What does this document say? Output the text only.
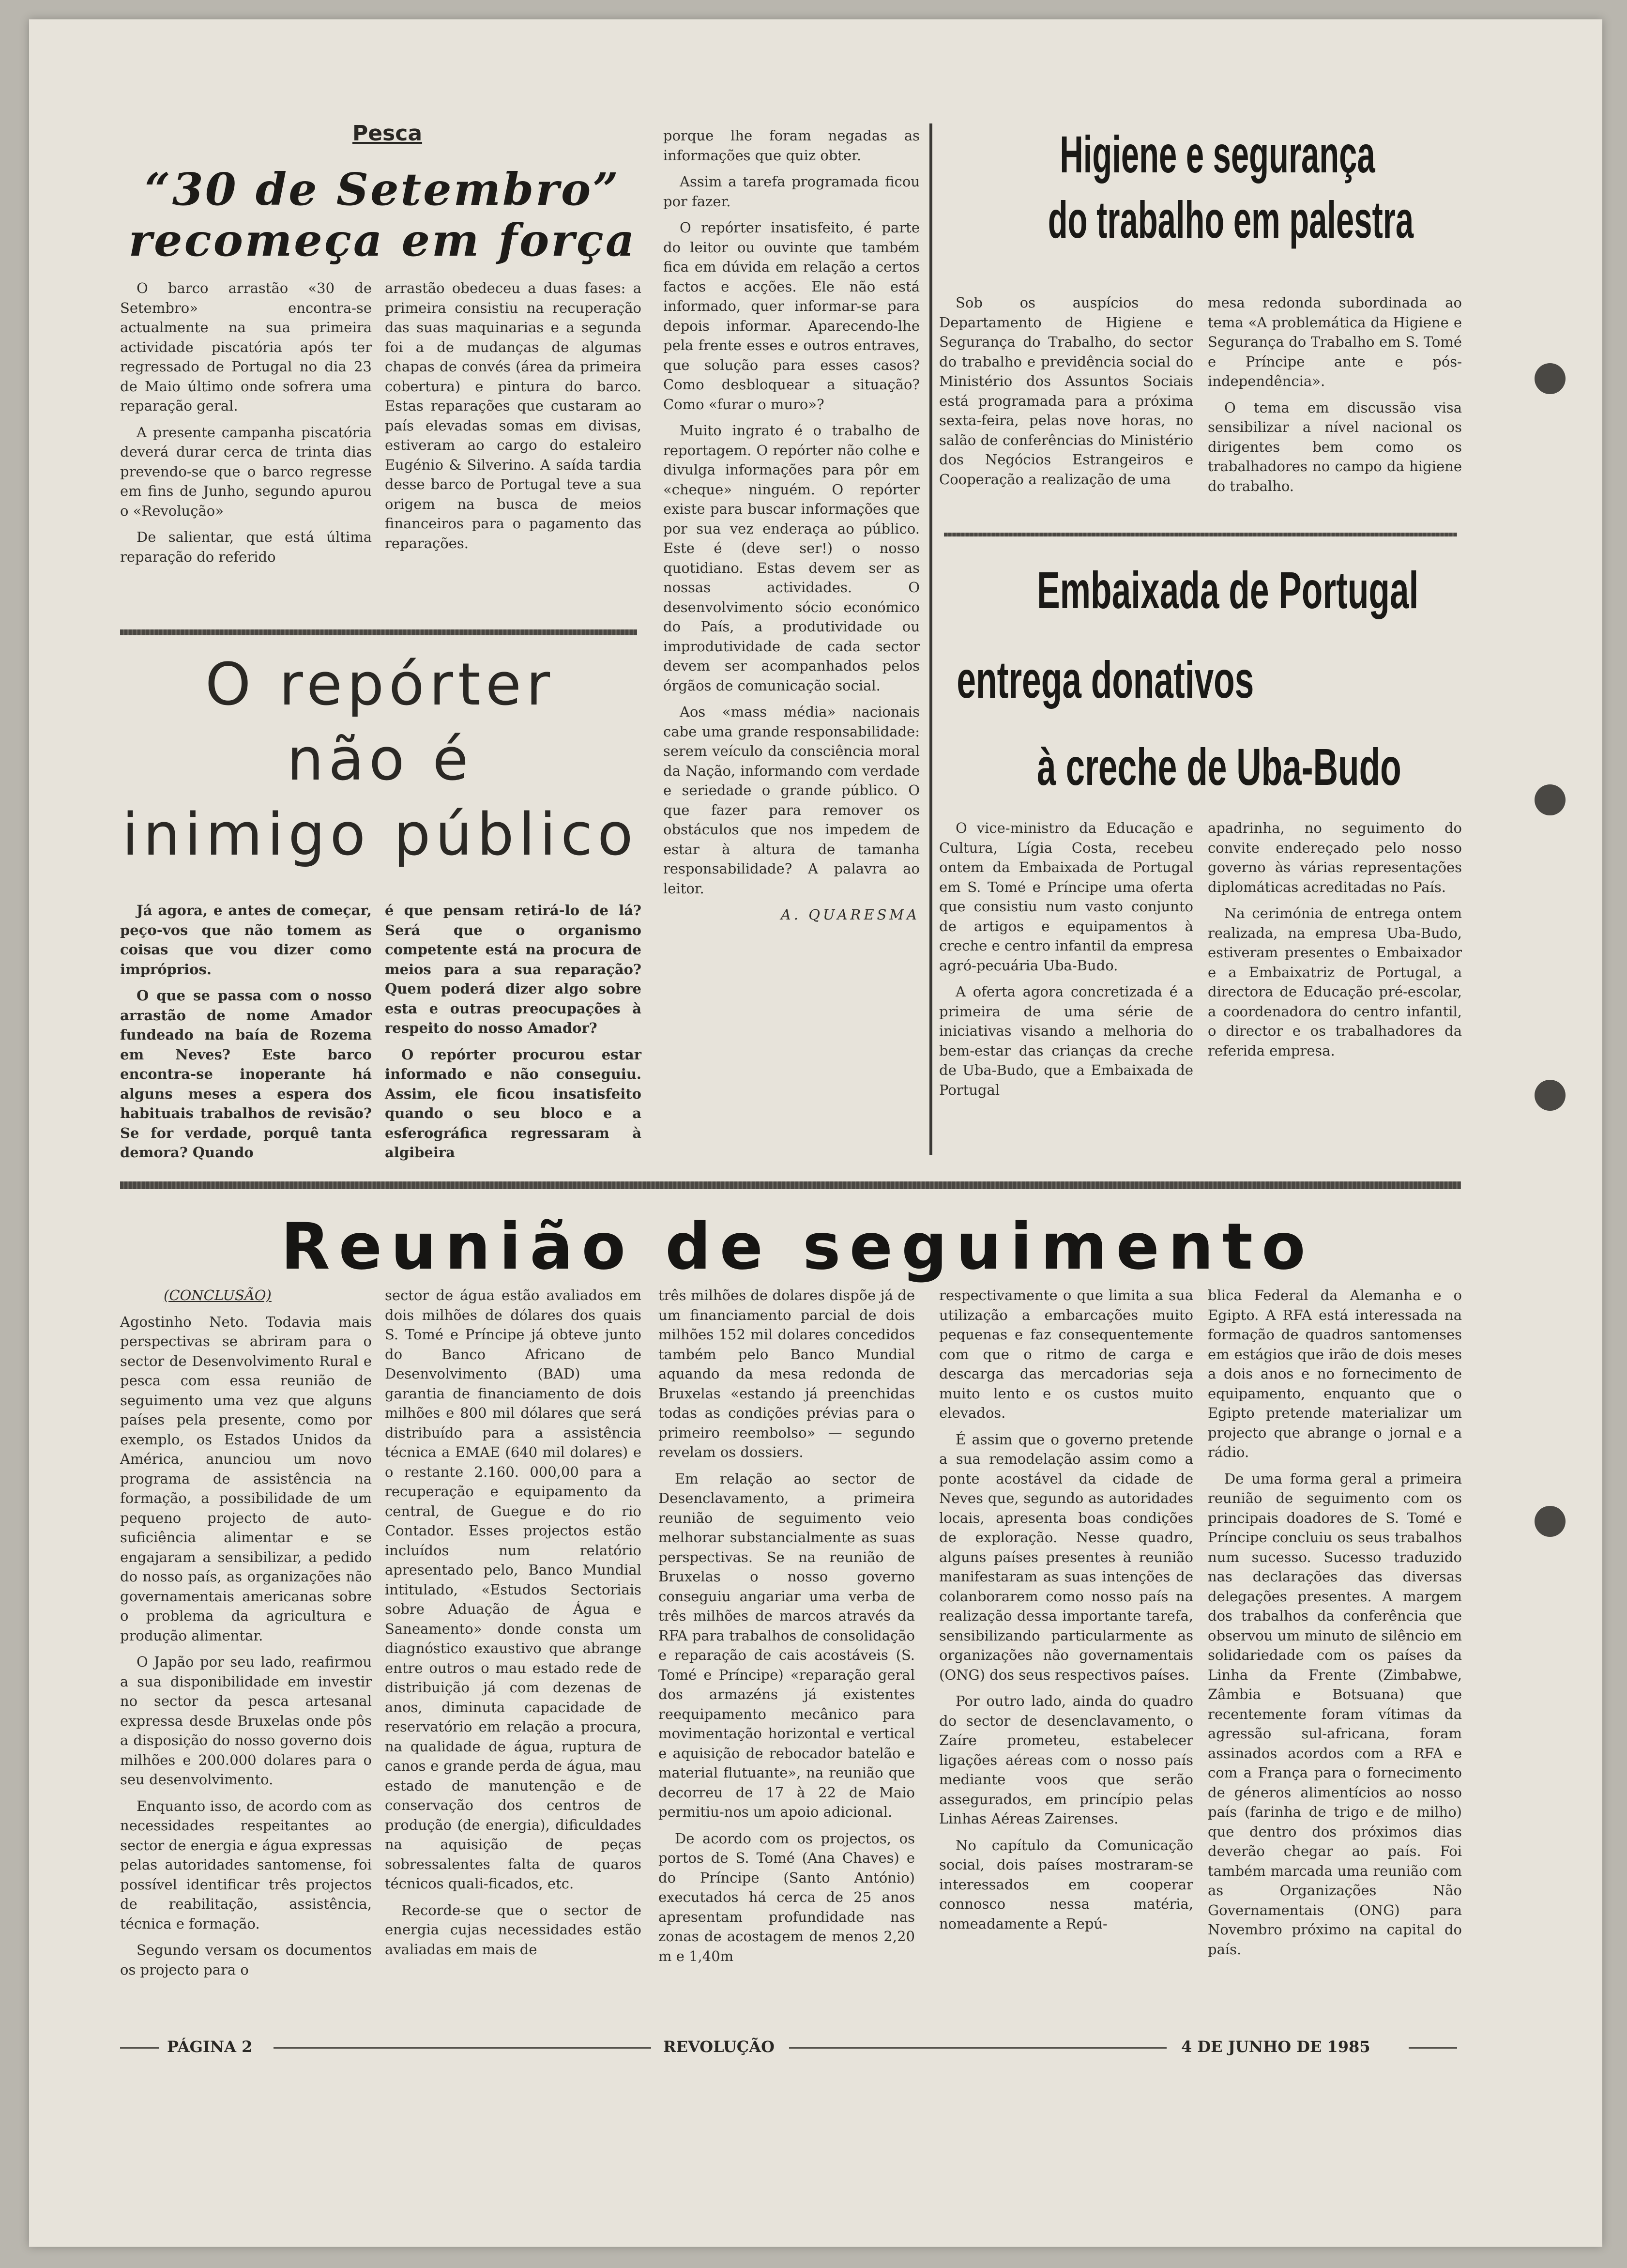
Pesca
“30 de Setembro”
recomeça em força

O barco arrastão «30 de Setembro» encontra-se actualmente na sua primeira actividade piscatória após ter regressado de Portugal no dia 23 de Maio último onde sofrera uma reparação geral.

A presente campanha piscatória deverá durar cerca de trinta dias prevendo-se que o barco regresse em fins de Junho, segundo apurou o «Revolução»

De salientar, que está última reparação do referido

arrastão obedeceu a duas fases: a primeira consistiu na recuperação das suas maquinarias e a segunda foi a de mudanças de algumas chapas de convés (área da primeira cobertura) e pintura do barco. Estas reparações que custaram ao país elevadas somas em divisas, estiveram ao cargo do estaleiro Eugénio & Silverino. A saída tardia desse barco de Portugal teve a sua origem na busca de meios financeiros para o pagamento das reparações.

O repórter
não é
inimigo público

Já agora, e antes de começar, peço-vos que não tomem as coisas que vou dizer como impróprios.

O que se passa com o nosso arrastão de nome Amador fundeado na baía de Rozema em Neves? Este barco encontra-se inoperante há alguns meses a espera dos habituais trabalhos de revisão? Se for verdade, porquê tanta demora? Quando

é que pensam retirá-lo de lá? Será que o organismo competente está na procura de meios para a sua reparação? Quem poderá dizer algo sobre esta e outras preocupações à respeito do nosso Amador?

O repórter procurou estar informado e não conseguiu. Assim, ele ficou insatisfeito quando o seu bloco e a esferográfica regressaram à algibeira

porque lhe foram negadas as informações que quiz obter.

Assim a tarefa programada ficou por fazer.

O repórter insatisfeito, é parte do leitor ou ouvinte que também fica em dúvida em relação a certos factos e acções. Ele não está informado, quer informar-se para depois informar. Aparecendo-lhe pela frente esses e outros entraves, que solução para esses casos? Como desbloquear a situação? Como «furar o muro»?

Muito ingrato é o trabalho de reportagem. O repórter não colhe e divulga informações para pôr em «cheque» ninguém. O repórter existe para buscar informações que por sua vez enderaça ao público. Este é (deve ser!) o nosso quotidiano. Estas devem ser as nossas actividades. O desenvolvimento sócio económico do País, a produtividade ou improdutividade de cada sector devem ser acompanhados pelos órgãos de comunicação social.

Aos «mass média» nacionais cabe uma grande responsabilidade: serem veículo da consciência moral da Nação, informando com verdade e seriedade o grande público. O que fazer para remover os obstáculos que nos impedem de estar à altura de tamanha responsabilidade? A palavra ao leitor.

A. QUARESMA

Higiene e segurança
do trabalho em palestra

Sob os auspícios do Departamento de Higiene e Segurança do Trabalho, do sector do trabalho e previdência social do Ministério dos Assuntos Sociais está programada para a próxima sexta-feira, pelas nove horas, no salão de conferências do Ministério dos Negócios Estrangeiros e Cooperação a realização de uma

mesa redonda subordinada ao tema «A problemática da Higiene e Segurança do Trabalho em S. Tomé e Príncipe ante e pós-independência».

O tema em discussão visa sensibilizar a nível nacional os dirigentes bem como os trabalhadores no campo da higiene do trabalho.

Embaixada de Portugal
entrega donativos
à creche de Uba-Budo

O vice-ministro da Educação e Cultura, Lígia Costa, recebeu ontem da Embaixada de Portugal em S. Tomé e Príncipe uma oferta que consistiu num vasto conjunto de artigos e equipamentos à creche e centro infantil da empresa agró-pecuária Uba-Budo.

A oferta agora concretizada é a primeira de uma série de iniciativas visando a melhoria do bem-estar das crianças da creche de Uba-Budo, que a Embaixada de Portugal

apadrinha, no seguimento do convite endereçado pelo nosso governo às várias representações diplomáticas acreditadas no País.

Na cerimónia de entrega ontem realizada, na empresa Uba-Budo, estiveram presentes o Embaixador e a Embaixatriz de Portugal, a directora de Educação pré-escolar, a coordenadora do centro infantil, o director e os trabalhadores da referida empresa.

Reunião de seguimento

(CONCLUSÃO)

Agostinho Neto. Todavia mais perspectivas se abriram para o sector de Desenvolvimento Rural e pesca com essa reunião de seguimento uma vez que alguns países pela presente, como por exemplo, os Estados Unidos da América, anunciou um novo programa de assistência na formação, a possibilidade de um pequeno projecto de auto-suficiência alimentar e se engajaram a sensibilizar, a pedido do nosso país, as organizações não governamentais americanas sobre o problema da agricultura e produção alimentar.

O Japão por seu lado, reafirmou a sua disponibilidade em investir no sector da pesca artesanal expressa desde Bruxelas onde pôs a disposição do nosso governo dois milhões e 200.000 dolares para o seu desenvolvimento.

Enquanto isso, de acordo com as necessidades respeitantes ao sector de energia e água expressas pelas autoridades santomense, foi possível identificar três projectos de reabilitação, assistência, técnica e formação.

Segundo versam os documentos os projecto para o

sector de água estão avaliados em dois milhões de dólares dos quais S. Tomé e Príncipe já obteve junto do Banco Africano de Desenvolvimento (BAD) uma garantia de financiamento de dois milhões e 800 mil dólares que será distribuído para a assistência técnica a EMAE (640 mil dolares) e o restante 2.160. 000,00 para a recuperação e equipamento da central, de Guegue e do rio Contador. Esses projectos estão incluídos num relatório apresentado pelo, Banco Mundial intitulado, «Estudos Sectoriais sobre Aduação de Água e Saneamento» donde consta um diagnóstico exaustivo que abrange entre outros o mau estado rede de distribuição já com dezenas de anos, diminuta capacidade de reservatório em relação a procura, na qualidade de água, ruptura de canos e grande perda de água, mau estado de manutenção e de conservação dos centros de produção (de energia), dificuldades na aquisição de peças sobressalentes falta de quaros técnicos quali-ficados, etc.

Recorde-se que o sector de energia cujas necessidades estão avaliadas em mais de

três milhões de dolares dispõe já de um financiamento parcial de dois milhões 152 mil dolares concedidos também pelo Banco Mundial aquando da mesa redonda de Bruxelas «estando já preenchidas todas as condições prévias para o primeiro reembolso» — segundo revelam os dossiers.

Em relação ao sector de Desenclavamento, a primeira reunião de seguimento veio melhorar substancialmente as suas perspectivas. Se na reunião de Bruxelas o nosso governo conseguiu angariar uma verba de três milhões de marcos através da RFA para trabalhos de consolidação e reparação de cais acostáveis (S. Tomé e Príncipe) «reparação geral dos armazéns já existentes reequipamento mecânico para movimentação horizontal e vertical e aquisição de rebocador batelão e material flutuante», na reunião que decorreu de 17 à 22 de Maio permitiu-nos um apoio adicional.

De acordo com os projectos, os portos de S. Tomé (Ana Chaves) e do Príncipe (Santo António) executados há cerca de 25 anos apresentam profundidade nas zonas de acostagem de menos 2,20 m e 1,40m

respectivamente o que limita a sua utilização a embarcações muito pequenas e faz consequentemente com que o ritmo de carga e descarga das mercadorias seja muito lento e os custos muito elevados.

É assim que o governo pretende a sua remodelação assim como a ponte acostável da cidade de Neves que, segundo as autoridades locais, apresenta boas condições de exploração. Nesse quadro, alguns países presentes à reunião manifestaram as suas intenções de colanborarem como nosso país na realização dessa importante tarefa, sensibilizando particularmente as organizações não governamentais (ONG) dos seus respectivos países.

Por outro lado, ainda do quadro do sector de desenclavamento, o Zaíre prometeu, estabelecer ligações aéreas com o nosso país mediante voos que serão assegurados, em princípio pelas Linhas Aéreas Zairenses.

No capítulo da Comunicação social, dois países mostraram-se interessados em cooperar connosco nessa matéria, nomeadamente a Repú-

blica Federal da Alemanha e o Egipto. A RFA está interessada na formação de quadros santomenses em estágios que irão de dois meses a dois anos e no fornecimento de equipamento, enquanto que o Egipto pretende materializar um projecto que abrange o jornal e a rádio.

De uma forma geral a primeira reunião de seguimento com os principais doadores de S. Tomé e Príncipe concluiu os seus trabalhos num sucesso. Sucesso traduzido nas declarações das diversas delegações presentes. A margem dos trabalhos da conferência que observou um minuto de silêncio em solidariedade com os países da Linha da Frente (Zimbabwe, Zâmbia e Botsuana) que recentemente foram vítimas da agressão sul-africana, foram assinados acordos com a RFA e com a França para o fornecimento de géneros alimentícios ao nosso país (farinha de trigo e de milho) que dentro dos próximos dias deverão chegar ao país. Foi também marcada uma reunião com as Organizações Não Governamentais (ONG) para Novembro próximo na capital do país.

PÁGINA 2	REVOLUÇÃO	4 DE JUNHO DE 1985
